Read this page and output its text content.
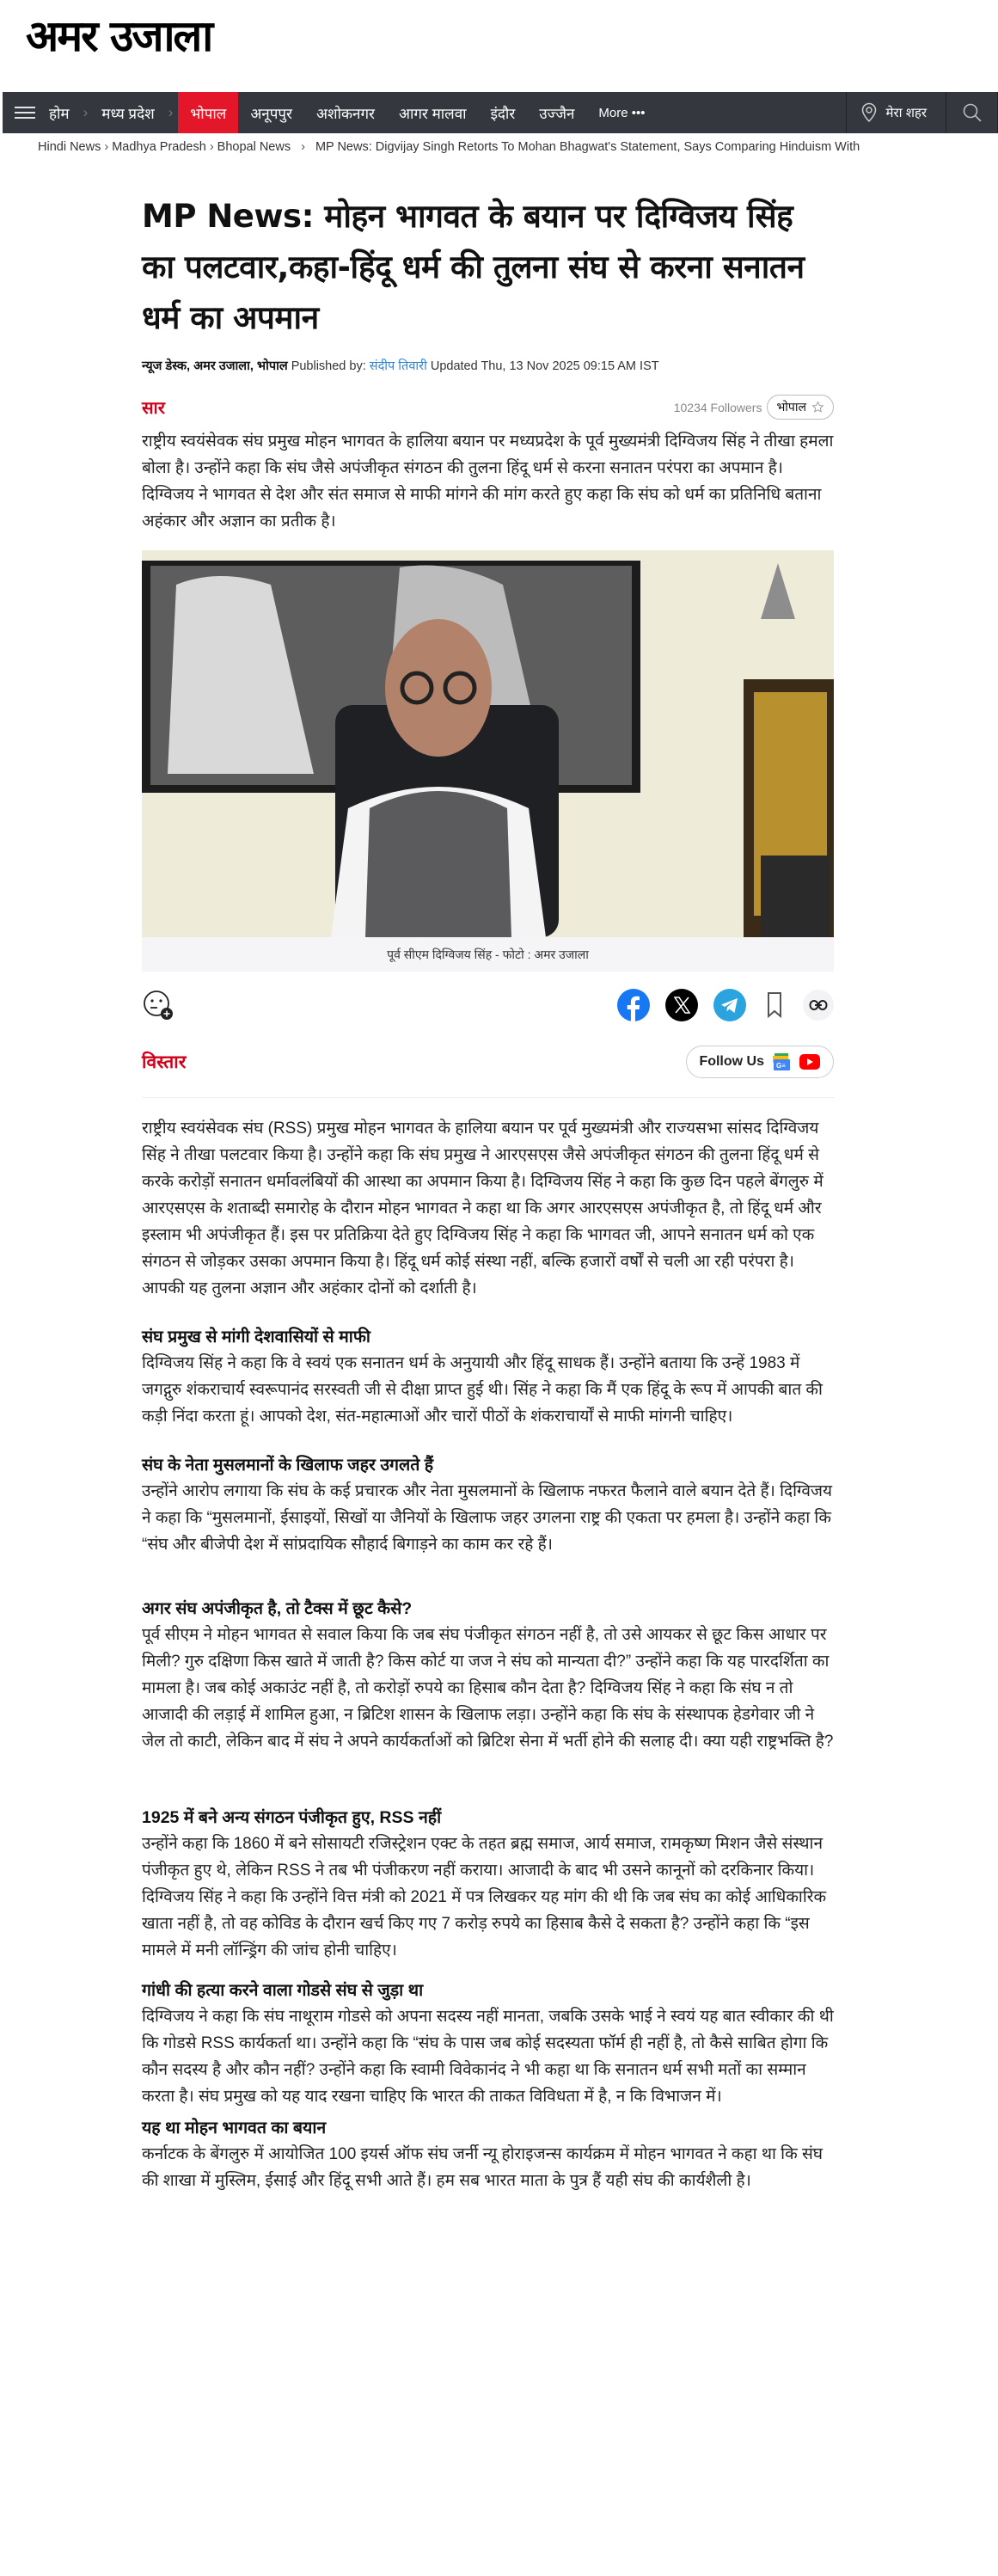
अमर उजाला
होम › मध्य प्रदेश ›	भोपाल	अनूपपुर	अशोकनगर	आगर मालवा	इंदौर	उज्जैन	More •••	मेरा शहर
Hindi News › Madhya Pradesh › Bhopal News › MP News: Digvijay Singh Retorts To Mohan Bhagwat's Statement, Says Comparing Hinduism With
MP News: मोहन भागवत के बयान पर दिग्विजय सिंह का पलटवार,कहा-हिंदू धर्म की तुलना संघ से करना सनातन धर्म का अपमान
न्यूज डेस्क, अमर उजाला, भोपाल Published by: संदीप तिवारी Updated Thu, 13 Nov 2025 09:15 AM IST
सार	10234 Followers भोपाल

राष्ट्रीय स्वयंसेवक संघ प्रमुख मोहन भागवत के हालिया बयान पर मध्यप्रदेश के पूर्व मुख्यमंत्री दिग्विजय सिंह ने तीखा हमला बोला है। उन्होंने कहा कि संघ जैसे अपंजीकृत संगठन की तुलना हिंदू धर्म से करना सनातन परंपरा का अपमान है। दिग्विजय ने भागवत से देश और संत समाज से माफी मांगने की मांग करते हुए कहा कि संघ को धर्म का प्रतिनिधि बताना अहंकार और अज्ञान का प्रतीक है।

पूर्व सीएम दिग्विजय सिंह - फोटो : अमर उजाला
विस्तार	Follow Us G≡

राष्ट्रीय स्वयंसेवक संघ (RSS) प्रमुख मोहन भागवत के हालिया बयान पर पूर्व मुख्यमंत्री और राज्यसभा सांसद दिग्विजय सिंह ने तीखा पलटवार किया है। उन्होंने कहा कि संघ प्रमुख ने आरएसएस जैसे अपंजीकृत संगठन की तुलना हिंदू धर्म से करके करोड़ों सनातन धर्मावलंबियों की आस्था का अपमान किया है। दिग्विजय सिंह ने कहा कि कुछ दिन पहले बेंगलुरु में आरएसएस के शताब्दी समारोह के दौरान मोहन भागवत ने कहा था कि अगर आरएसएस अपंजीकृत है, तो हिंदू धर्म और इस्लाम भी अपंजीकृत हैं। इस पर प्रतिक्रिया देते हुए दिग्विजय सिंह ने कहा कि भागवत जी, आपने सनातन धर्म को एक संगठन से जोड़कर उसका अपमान किया है। हिंदू धर्म कोई संस्था नहीं, बल्कि हजारों वर्षों से चली आ रही परंपरा है। आपकी यह तुलना अज्ञान और अहंकार दोनों को दर्शाती है।

संघ प्रमुख से मांगी देशवासियों से माफी

दिग्विजय सिंह ने कहा कि वे स्वयं एक सनातन धर्म के अनुयायी और हिंदू साधक हैं। उन्होंने बताया कि उन्हें 1983 में जगद्गुरु शंकराचार्य स्वरूपानंद सरस्वती जी से दीक्षा प्राप्त हुई थी। सिंह ने कहा कि मैं एक हिंदू के रूप में आपकी बात की कड़ी निंदा करता हूं। आपको देश, संत-महात्माओं और चारों पीठों के शंकराचार्यों से माफी मांगनी चाहिए।

संघ के नेता मुसलमानों के खिलाफ जहर उगलते हैं

उन्होंने आरोप लगाया कि संघ के कई प्रचारक और नेता मुसलमानों के खिलाफ नफरत फैलाने वाले बयान देते हैं। दिग्विजय ने कहा कि “मुसलमानों, ईसाइयों, सिखों या जैनियों के खिलाफ जहर उगलना राष्ट्र की एकता पर हमला है। उन्होंने कहा कि “संघ और बीजेपी देश में सांप्रदायिक सौहार्द बिगाड़ने का काम कर रहे हैं।

अगर संघ अपंजीकृत है, तो टैक्स में छूट कैसे?

पूर्व सीएम ने मोहन भागवत से सवाल किया कि जब संघ पंजीकृत संगठन नहीं है, तो उसे आयकर से छूट किस आधार पर मिली? गुरु दक्षिणा किस खाते में जाती है? किस कोर्ट या जज ने संघ को मान्यता दी?” उन्होंने कहा कि यह पारदर्शिता का मामला है। जब कोई अकाउंट नहीं है, तो करोड़ों रुपये का हिसाब कौन देता है? दिग्विजय सिंह ने कहा कि संघ न तो आजादी की लड़ाई में शामिल हुआ, न ब्रिटिश शासन के खिलाफ लड़ा। उन्होंने कहा कि संघ के संस्थापक हेडगेवार जी ने जेल तो काटी, लेकिन बाद में संघ ने अपने कार्यकर्ताओं को ब्रिटिश सेना में भर्ती होने की सलाह दी। क्या यही राष्ट्रभक्ति है?

1925 में बने अन्य संगठन पंजीकृत हुए, RSS नहीं

उन्होंने कहा कि 1860 में बने सोसायटी रजिस्ट्रेशन एक्ट के तहत ब्रह्म समाज, आर्य समाज, रामकृष्ण मिशन जैसे संस्थान पंजीकृत हुए थे, लेकिन RSS ने तब भी पंजीकरण नहीं कराया। आजादी के बाद भी उसने कानूनों को दरकिनार किया। दिग्विजय सिंह ने कहा कि उन्होंने वित्त मंत्री को 2021 में पत्र लिखकर यह मांग की थी कि जब संघ का कोई आधिकारिक खाता नहीं है, तो वह कोविड के दौरान खर्च किए गए 7 करोड़ रुपये का हिसाब कैसे दे सकता है? उन्होंने कहा कि “इस मामले में मनी लॉन्ड्रिंग की जांच होनी चाहिए।

गांधी की हत्या करने वाला गोडसे संघ से जुड़ा था

दिग्विजय ने कहा कि संघ नाथूराम गोडसे को अपना सदस्य नहीं मानता, जबकि उसके भाई ने स्वयं यह बात स्वीकार की थी कि गोडसे RSS कार्यकर्ता था। उन्होंने कहा कि “संघ के पास जब कोई सदस्यता फॉर्म ही नहीं है, तो कैसे साबित होगा कि कौन सदस्य है और कौन नहीं? उन्होंने कहा कि स्वामी विवेकानंद ने भी कहा था कि सनातन धर्म सभी मतों का सम्मान करता है। संघ प्रमुख को यह याद रखना चाहिए कि भारत की ताकत विविधता में है, न कि विभाजन में।

यह था मोहन भागवत का बयान

कर्नाटक के बेंगलुरु में आयोजित 100 इयर्स ऑफ संघ जर्नी न्यू होराइजन्स कार्यक्रम में मोहन भागवत ने कहा था कि संघ की शाखा में मुस्लिम, ईसाई और हिंदू सभी आते हैं। हम सब भारत माता के पुत्र हैं यही संघ की कार्यशैली है।
